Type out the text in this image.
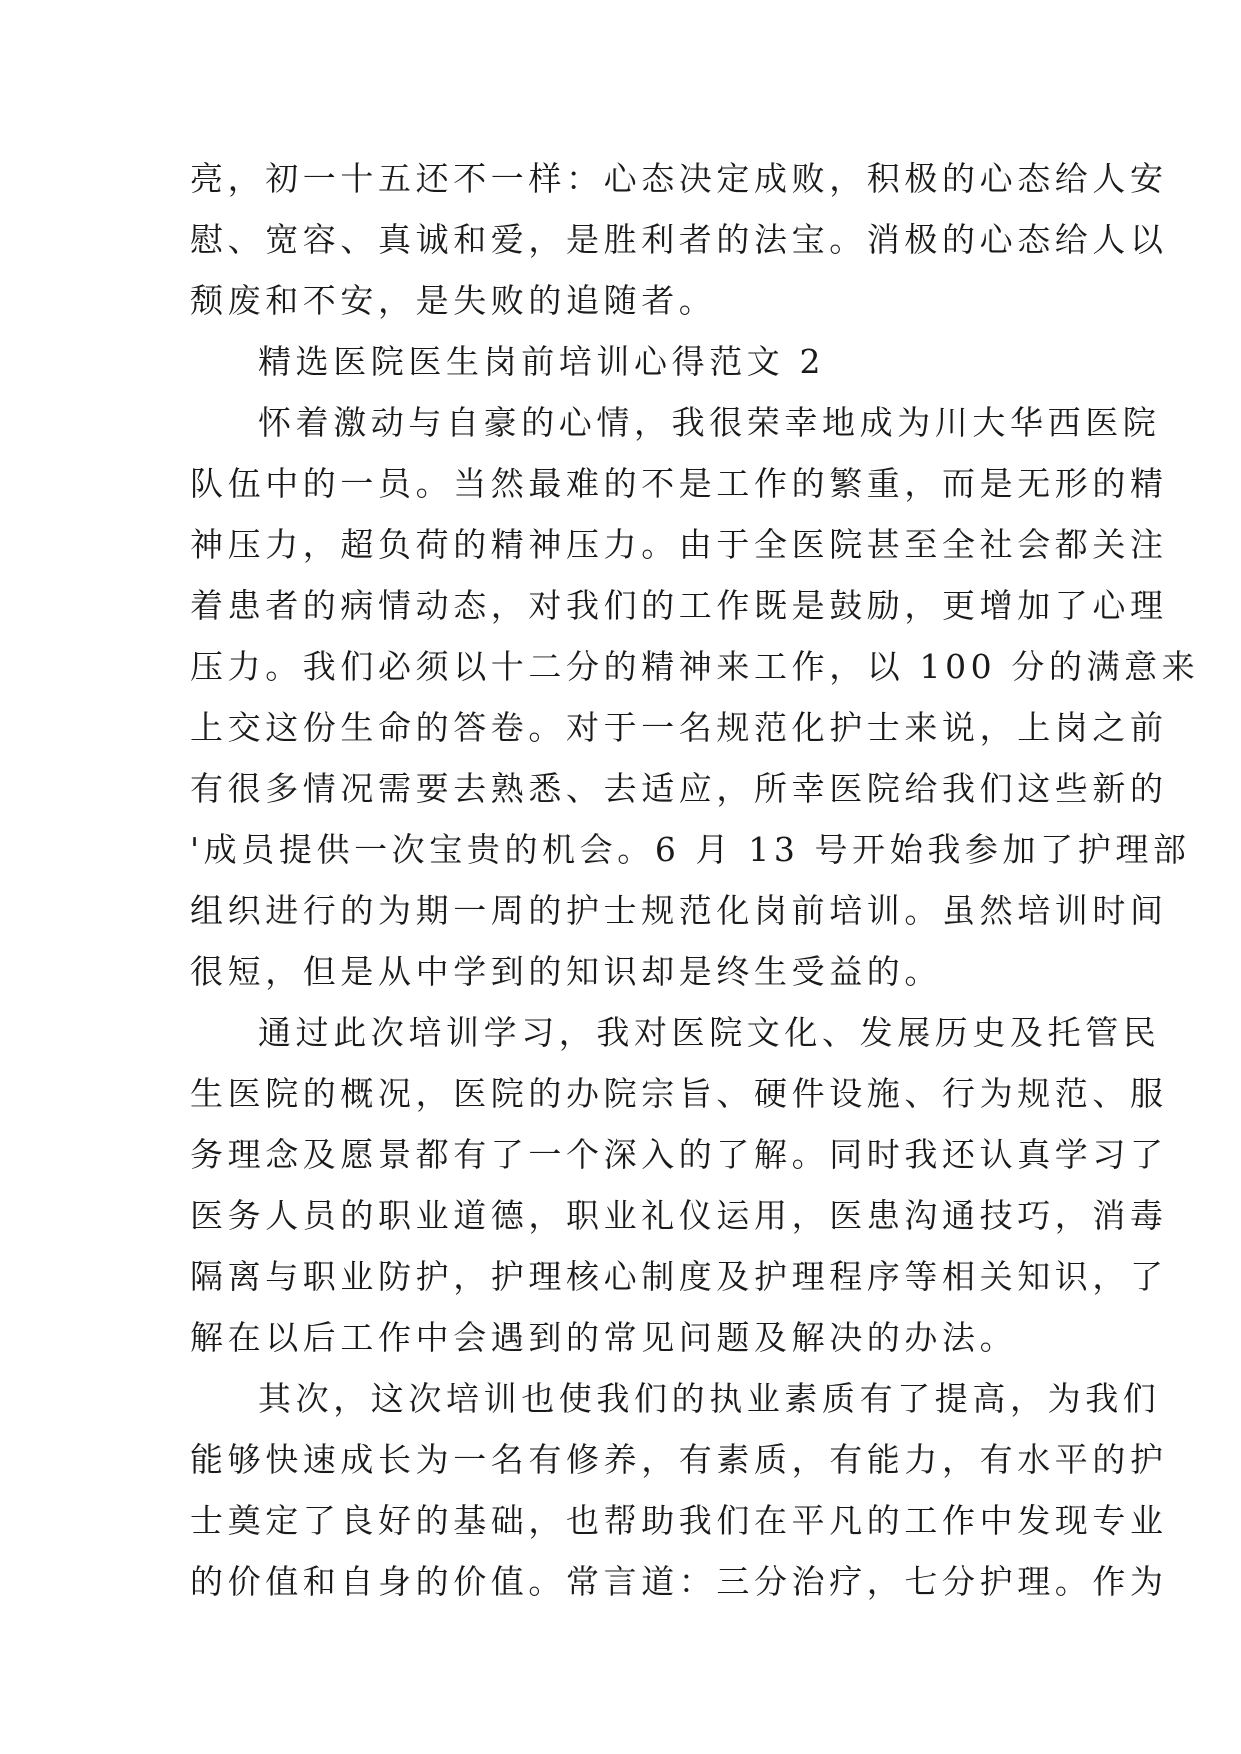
亮，初一十五还不一样：心态决定成败，积极的心态给人安
慰、宽容、真诚和爱，是胜利者的法宝。消极的心态给人以
颓废和不安，是失败的追随者。
精选医院医生岗前培训心得范文 2
怀着激动与自豪的心情，我很荣幸地成为川大华西医院
队伍中的一员。当然最难的不是工作的繁重，而是无形的精
神压力，超负荷的精神压力。由于全医院甚至全社会都关注
着患者的病情动态，对我们的工作既是鼓励，更增加了心理
压力。我们必须以十二分的精神来工作，以 100 分的满意来
上交这份生命的答卷。对于一名规范化护士来说，上岗之前
有很多情况需要去熟悉、去适应，所幸医院给我们这些新的
'成员提供一次宝贵的机会。6 月 13 号开始我参加了护理部
组织进行的为期一周的护士规范化岗前培训。虽然培训时间
很短，但是从中学到的知识却是终生受益的。
通过此次培训学习，我对医院文化、发展历史及托管民
生医院的概况，医院的办院宗旨、硬件设施、行为规范、服
务理念及愿景都有了一个深入的了解。同时我还认真学习了
医务人员的职业道德，职业礼仪运用，医患沟通技巧，消毒
隔离与职业防护，护理核心制度及护理程序等相关知识，了
解在以后工作中会遇到的常见问题及解决的办法。
其次，这次培训也使我们的执业素质有了提高，为我们
能够快速成长为一名有修养，有素质，有能力，有水平的护
士奠定了良好的基础，也帮助我们在平凡的工作中发现专业
的价值和自身的价值。常言道：三分治疗，七分护理。作为
